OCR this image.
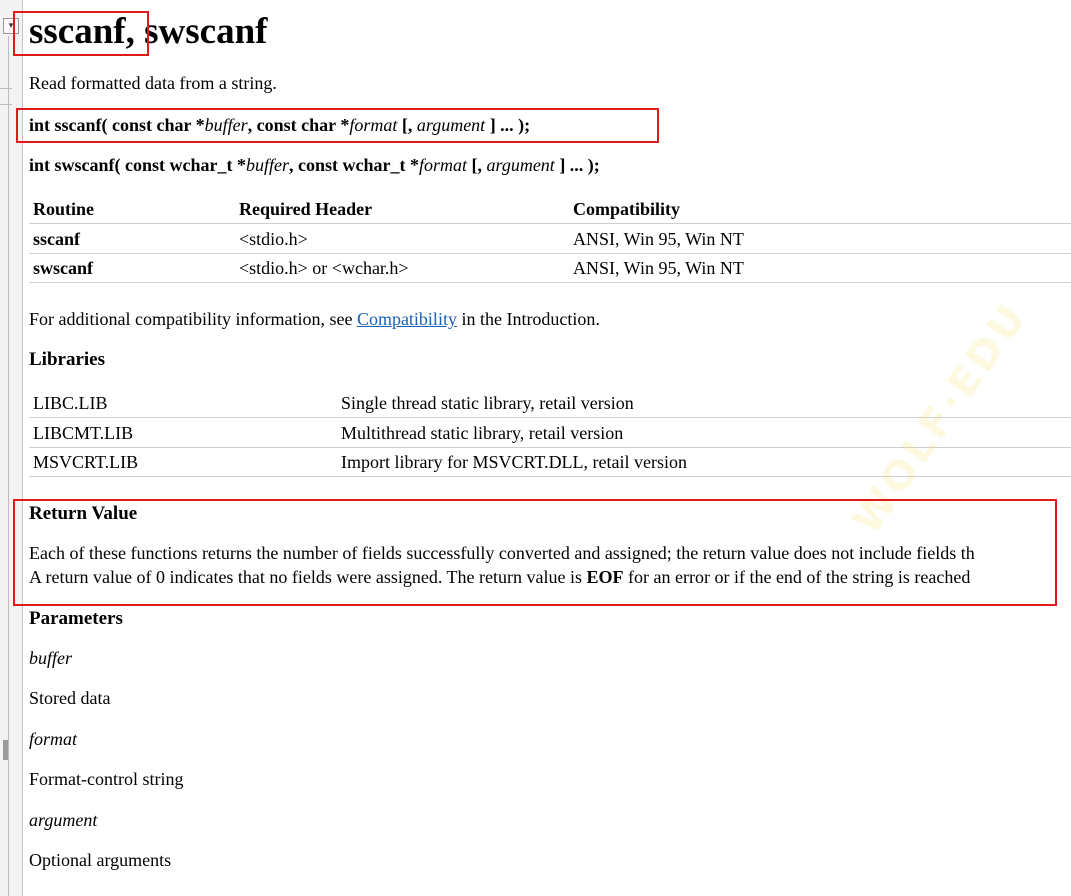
▾ sscanf, swscanf
Read formatted data from a string.
int sscanf( const char *buffer, const char *format [, argument ] ... );
int swscanf( const wchar_t *buffer, const wchar_t *format [, argument ] ... );
Routine	Required Header	Compatibility
sscanf	<stdio.h>	ANSI, Win 95, Win NT
swscanf	<stdio.h> or <wchar.h>	ANSI, Win 95, Win NT
For additional compatibility information, see Compatibility in the Introduction.
Libraries
LIBC.LIB	Single thread static library, retail version
LIBCMT.LIB	Multithread static library, retail version
MSVCRT.LIB	Import library for MSVCRT.DLL, retail version
Return Value
Each of these functions returns the number of fields successfully converted and assigned; the return value does not include fields th
A return value of 0 indicates that no fields were assigned. The return value is EOF for an error or if the end of the string is reached
Parameters
buffer
Stored data
format
Format-control string
argument
Optional arguments
WOLF·EDU
